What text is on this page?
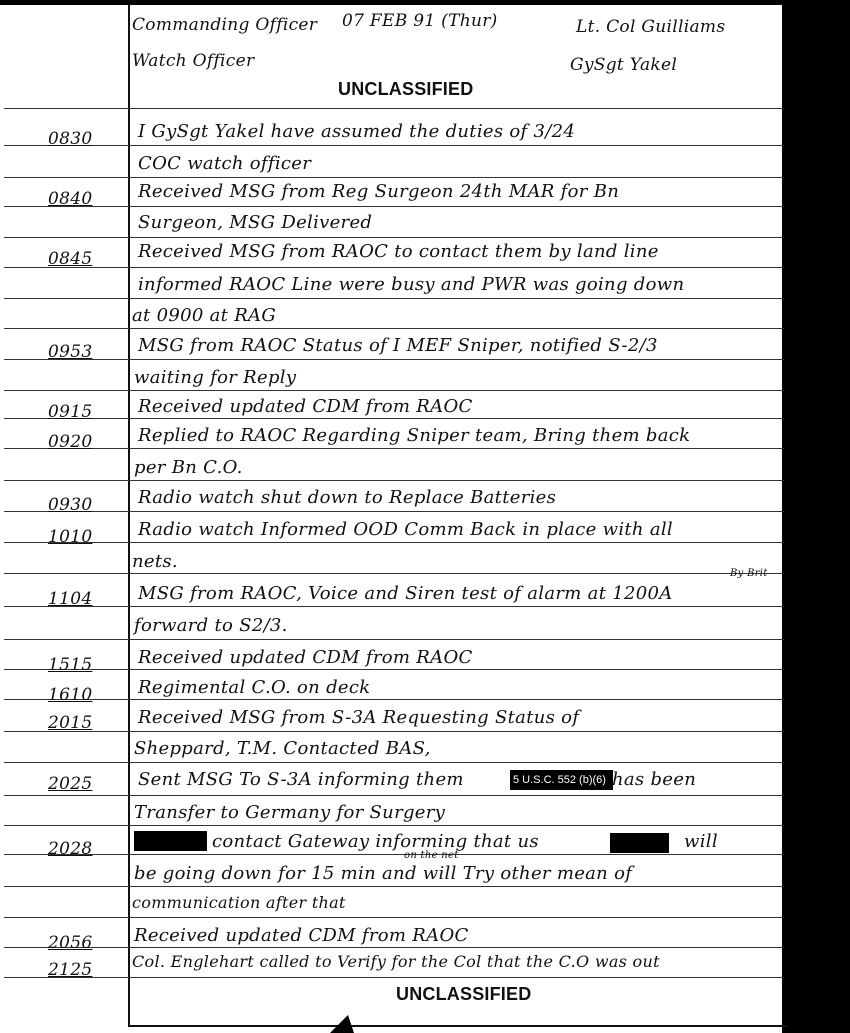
Commanding Officer 07 FEB 91 (Thur)	Lt. Col Guilliams
Watch Officer	GySgt Yakel
UNCLASSIFIED
0830	I GySgt Yakel have assumed the duties of 3/24
COC watch officer
0840	Received MSG from Reg Surgeon 24th MAR for Bn
Surgeon, MSG Delivered
0845	Received MSG from RAOC to contact them by land line
informed RAOC Line were busy and PWR was going down
at 0900 at RAG
0953	MSG from RAOC Status of I MEF Sniper, notified S-2/3
waiting for Reply
0915	Received updated CDM from RAOC
0920	Replied to RAOC Regarding Sniper team, Bring them back
per Bn C.O.
0930	Radio watch shut down to Replace Batteries
1010	Radio watch Informed OOD Comm Back in place with all
nets.
1104	MSG from RAOC, Voice and Siren test of alarm at 1200A
By Brit
forward to S2/3.
1515	Received updated CDM from RAOC
1610	Regimental C.O. on deck
2015	Received MSG from S-3A Requesting Status of
Sheppard, T.M. Contacted BAS,
2025	Sent MSG To S-3A informing them	5 U.S.C. 552 (b)(6) has been
Transfer to Germany for Surgery
2028	contact Gateway informing that us	will
on the net
be going down for 15 min and will Try other mean of
communication after that
2056 Received updated CDM from RAOC
2125 Col. Englehart called to Verify for the Col that the C.O was out
UNCLASSIFIED
